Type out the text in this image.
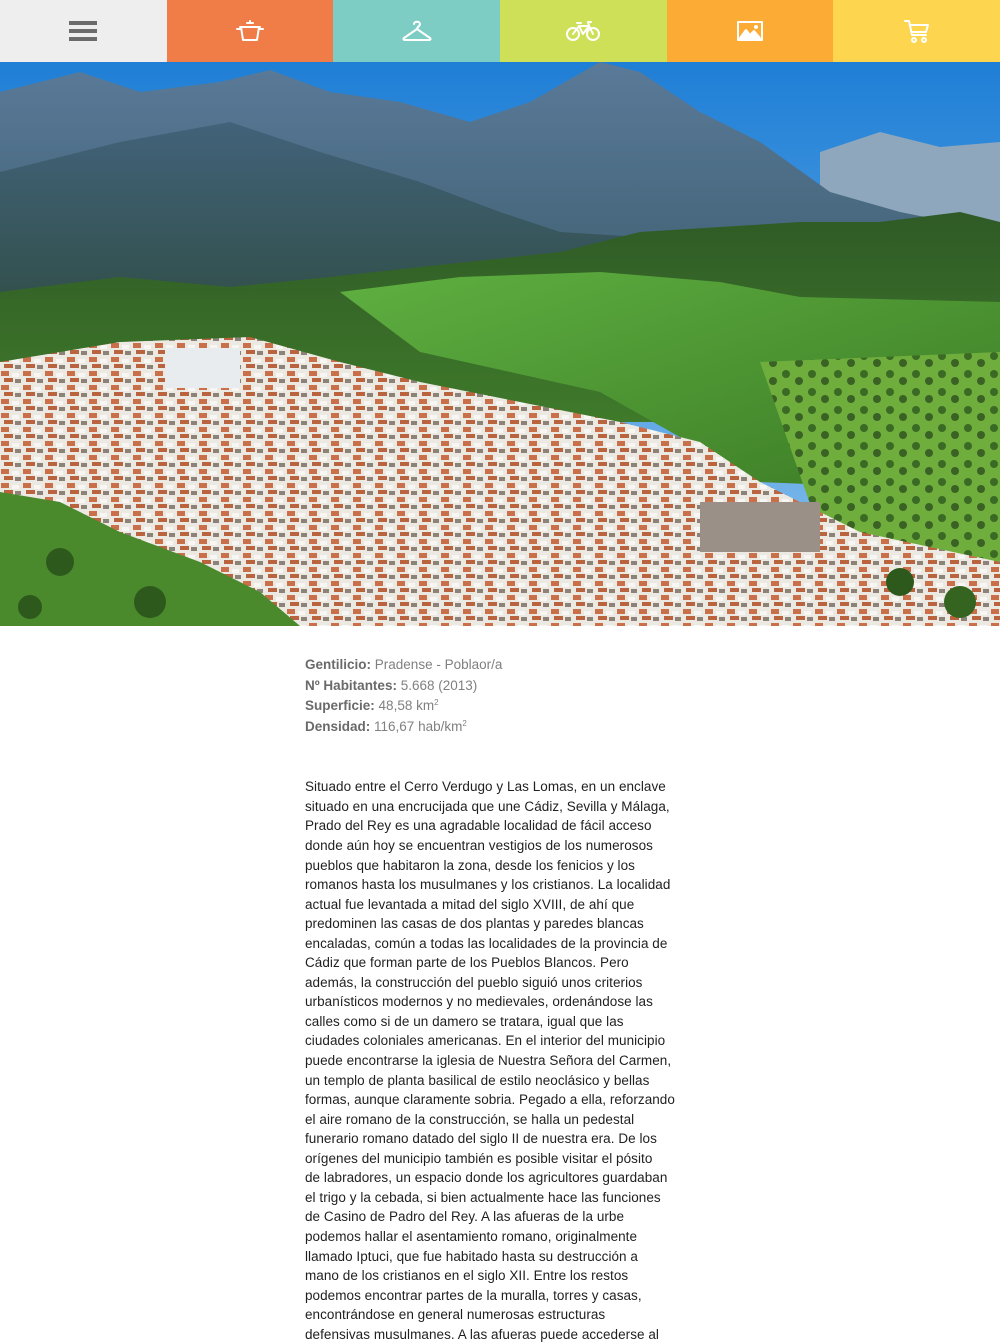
Gentilicio: Pradense - Poblaor/a
Nº Habitantes: 5.668 (2013)
Superficie: 48,58 $km^2$
Densidad: 116,67 hab/$km^2$
Situado entre el Cerro Verdugo y Las Lomas, en un enclave
situado en una encrucijada que une Cádiz, Sevilla y Málaga,
Prado del Rey es una agradable localidad de fácil acceso
donde aún hoy se encuentran vestigios de los numerosos
pueblos que habitaron la zona, desde los fenicios y los
romanos hasta los musulmanes y los cristianos. La localidad
actual fue levantada a mitad del siglo XVIII, de ahí que
predominen las casas de dos plantas y paredes blancas
encaladas, común a todas las localidades de la provincia de
Cádiz que forman parte de los Pueblos Blancos. Pero
además, la construcción del pueblo siguió unos criterios
urbanísticos modernos y no medievales, ordenándose las
calles como si de un damero se tratara, igual que las
ciudades coloniales americanas. En el interior del municipio
puede encontrarse la iglesia de Nuestra Señora del Carmen,
un templo de planta basilical de estilo neoclásico y bellas
formas, aunque claramente sobria. Pegado a ella, reforzando
el aire romano de la construcción, se halla un pedestal
funerario romano datado del siglo II de nuestra era. De los
orígenes del municipio también es posible visitar el pósito
de labradores, un espacio donde los agricultores guardaban
el trigo y la cebada, si bien actualmente hace las funciones
de Casino de Padro del Rey. A las afueras de la urbe
podemos hallar el asentamiento romano, originalmente
llamado Iptuci, que fue habitado hasta su destrucción a
mano de los cristianos en el siglo XII. Entre los restos
podemos encontrar partes de la muralla, torres y casas,
encontrándose en general numerosas estructuras
defensivas musulmanes. A las afueras puede accederse al
